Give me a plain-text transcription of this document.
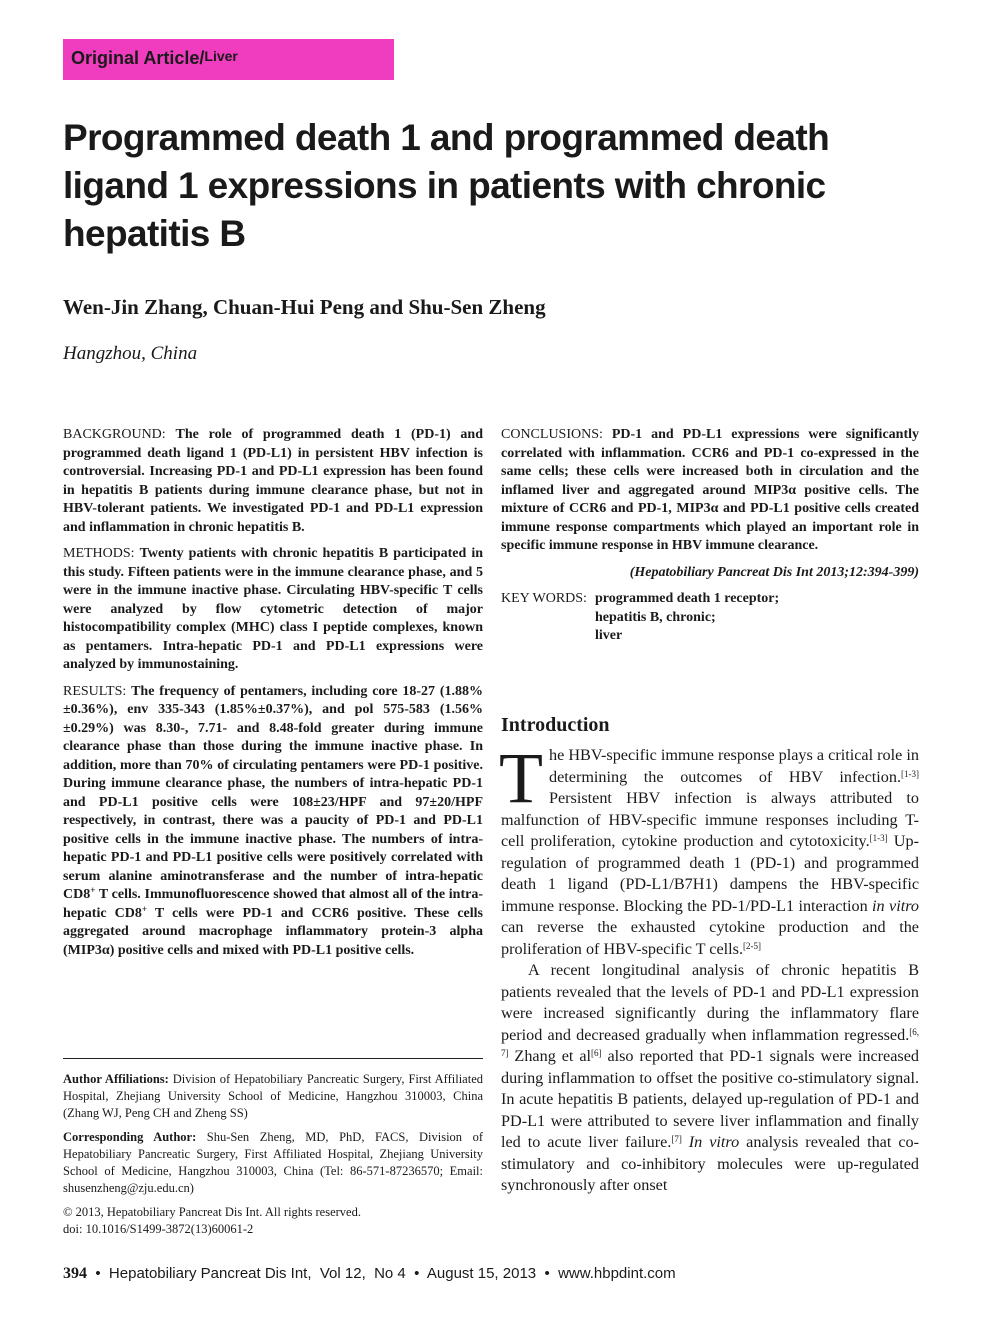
Original Article/Liver
Programmed death 1 and programmed death ligand 1 expressions in patients with chronic hepatitis B
Wen-Jin Zhang, Chuan-Hui Peng and Shu-Sen Zheng
Hangzhou, China

BACKGROUND: The role of programmed death 1 (PD-1) and programmed death ligand 1 (PD-L1) in persistent HBV infection is controversial. Increasing PD-1 and PD-L1 expression has been found in hepatitis B patients during immune clearance phase, but not in HBV-tolerant patients. We investigated PD-1 and PD-L1 expression and inflammation in chronic hepatitis B.

METHODS: Twenty patients with chronic hepatitis B participated in this study. Fifteen patients were in the immune clearance phase, and 5 were in the immune inactive phase. Circulating HBV-specific T cells were analyzed by flow cytometric detection of major histocompatibility complex (MHC) class I peptide complexes, known as pentamers. Intra-hepatic PD-1 and PD-L1 expressions were analyzed by immunostaining.

RESULTS: The frequency of pentamers, including core 18-27 (1.88%±0.36%), env 335-343 (1.85%±0.37%), and pol 575-583 (1.56%±0.29%) was 8.30-, 7.71- and 8.48-fold greater during immune clearance phase than those during the immune inactive phase. In addition, more than 70% of circulating pentamers were PD-1 positive. During immune clearance phase, the numbers of intra-hepatic PD-1 and PD-L1 positive cells were 108±23/HPF and 97±20/HPF respectively, in contrast, there was a paucity of PD-1 and PD-L1 positive cells in the immune inactive phase. The numbers of intra-hepatic PD-1 and PD-L1 positive cells were positively correlated with serum alanine aminotransferase and the number of intra-hepatic CD8+ T cells. Immunofluorescence showed that almost all of the intra-hepatic CD8+ T cells were PD-1 and CCR6 positive. These cells aggregated around macrophage inflammatory protein-3 alpha (MIP3α) positive cells and mixed with PD-L1 positive cells.

CONCLUSIONS: PD-1 and PD-L1 expressions were significantly correlated with inflammation. CCR6 and PD-1 co-expressed in the same cells; these cells were increased both in circulation and the inflamed liver and aggregated around MIP3α positive cells. The mixture of CCR6 and PD-1, MIP3α and PD-L1 positive cells created immune response compartments which played an important role in specific immune response in HBV immune clearance.

(Hepatobiliary Pancreat Dis Int 2013;12:394-399)
KEY WORDS: programmed death 1 receptor;
hepatitis B, chronic;
liver
Introduction

The HBV-specific immune response plays a critical role in determining the outcomes of HBV infection.[1-3] Persistent HBV infection is always attributed to malfunction of HBV-specific immune responses including T-cell proliferation, cytokine production and cytotoxicity.[1-3] Up-regulation of programmed death 1 (PD-1) and programmed death 1 ligand (PD-L1/B7H1) dampens the HBV-specific immune response. Blocking the PD-1/PD-L1 interaction in vitro can reverse the exhausted cytokine production and the proliferation of HBV-specific T cells.[2-5]

A recent longitudinal analysis of chronic hepatitis B patients revealed that the levels of PD-1 and PD-L1 expression were increased significantly during the inflammatory flare period and decreased gradually when inflammation regressed.[6, 7] Zhang et al[6] also reported that PD-1 signals were increased during inflammation to offset the positive co-stimulatory signal. In acute hepatitis B patients, delayed up-regulation of PD-1 and PD-L1 were attributed to severe liver inflammation and finally led to acute liver failure.[7] In vitro analysis revealed that co-stimulatory and co-inhibitory molecules were up-regulated synchronously after onset

Author Affiliations: Division of Hepatobiliary Pancreatic Surgery, First Affiliated Hospital, Zhejiang University School of Medicine, Hangzhou 310003, China (Zhang WJ, Peng CH and Zheng SS)

Corresponding Author: Shu-Sen Zheng, MD, PhD, FACS, Division of Hepatobiliary Pancreatic Surgery, First Affiliated Hospital, Zhejiang University School of Medicine, Hangzhou 310003, China (Tel: 86-571-87236570; Email: shusenzheng@zju.edu.cn)

© 2013, Hepatobiliary Pancreat Dis Int. All rights reserved.
doi: 10.1016/S1499-3872(13)60061-2
394  •  Hepatobiliary Pancreat Dis Int, Vol 12, No 4  •  August 15, 2013  •  www.hbpdint.com
